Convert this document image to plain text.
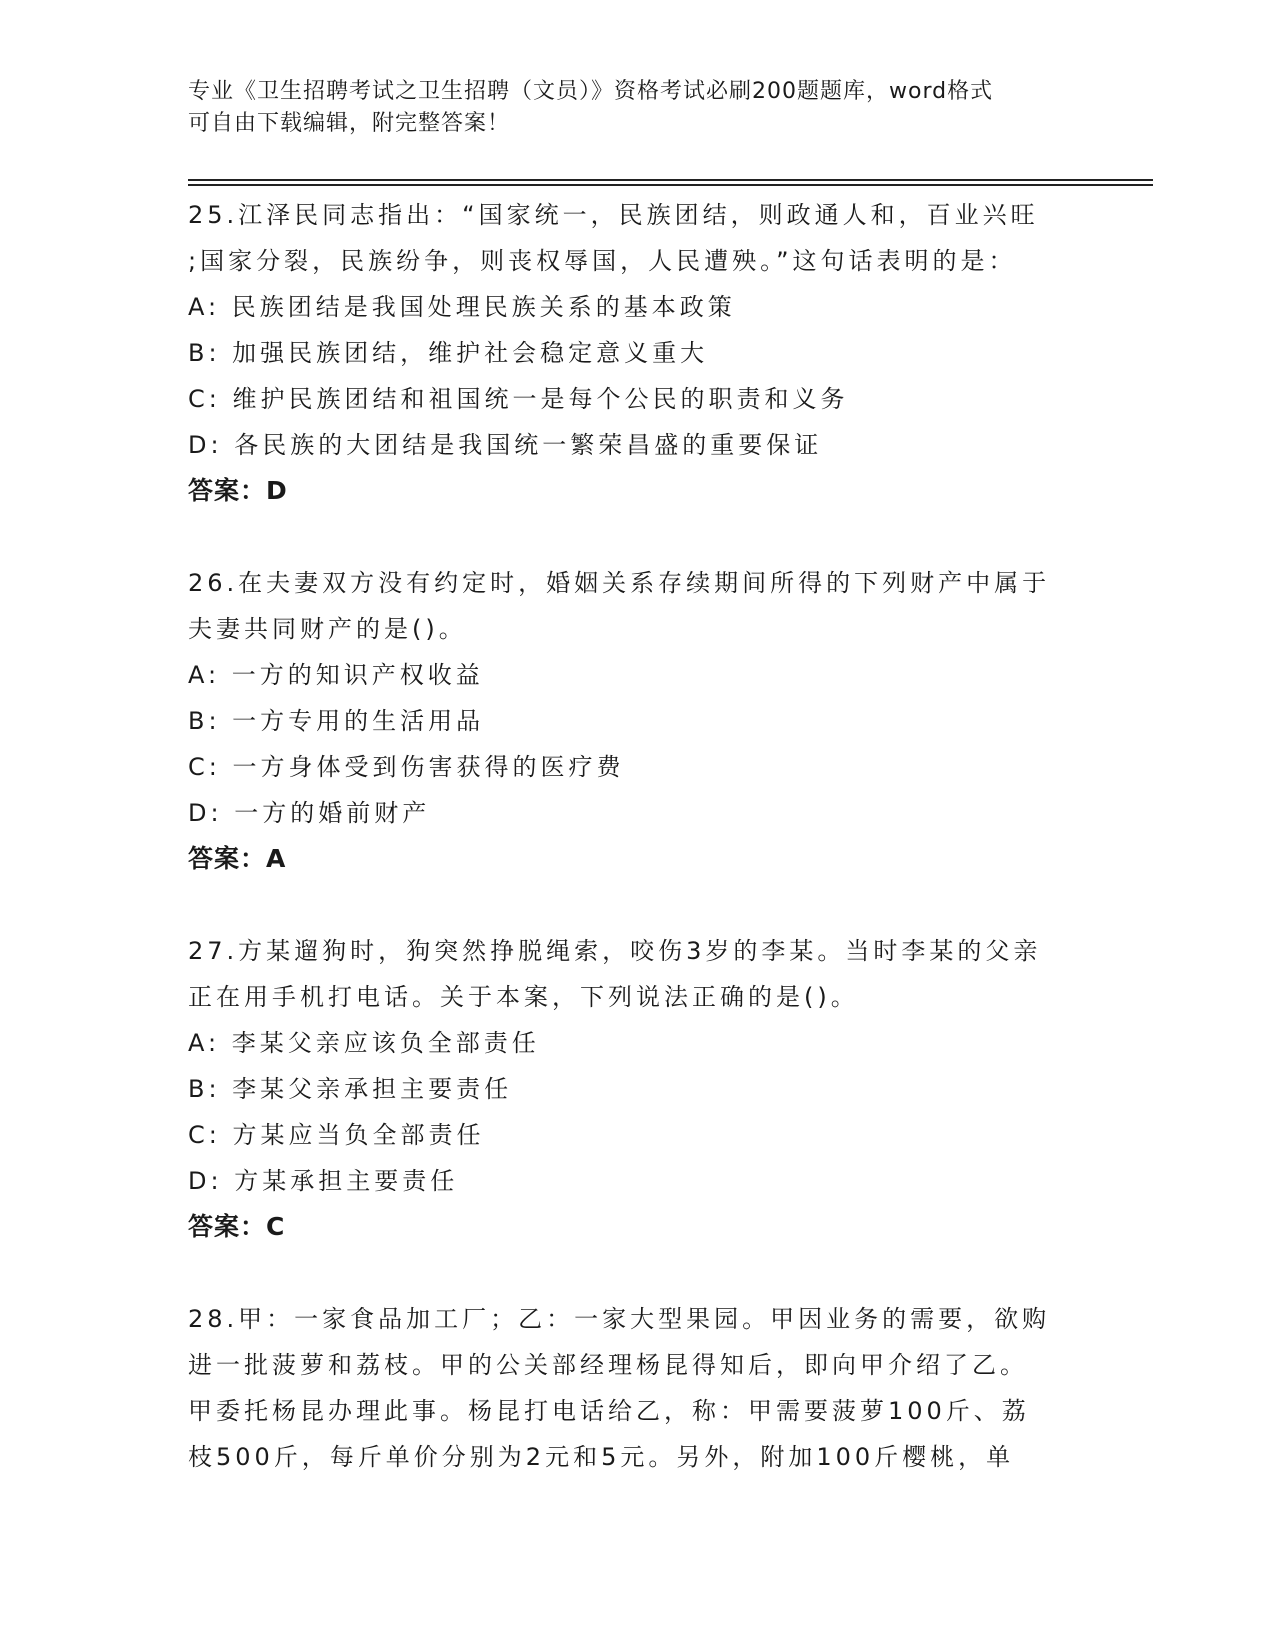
专业《卫生招聘考试之卫生招聘（文员）》资格考试必刷200题题库，word格式
可自由下载编辑，附完整答案！
25.江泽民同志指出：“国家统一，民族团结，则政通人和，百业兴旺
;国家分裂，民族纷争，则丧权辱国，人民遭殃。”这句话表明的是：
A: 民族团结是我国处理民族关系的基本政策
B: 加强民族团结，维护社会稳定意义重大
C: 维护民族团结和祖国统一是每个公民的职责和义务
D: 各民族的大团结是我国统一繁荣昌盛的重要保证
答案：D
26.在夫妻双方没有约定时，婚姻关系存续期间所得的下列财产中属于
夫妻共同财产的是()。
A: 一方的知识产权收益
B: 一方专用的生活用品
C: 一方身体受到伤害获得的医疗费
D: 一方的婚前财产
答案：A
27.方某遛狗时，狗突然挣脱绳索，咬伤3岁的李某。当时李某的父亲
正在用手机打电话。关于本案，下列说法正确的是()。
A: 李某父亲应该负全部责任
B: 李某父亲承担主要责任
C: 方某应当负全部责任
D: 方某承担主要责任
答案：C
28.甲：一家食品加工厂；乙：一家大型果园。甲因业务的需要，欲购
进一批菠萝和荔枝。甲的公关部经理杨昆得知后，即向甲介绍了乙。
甲委托杨昆办理此事。杨昆打电话给乙，称：甲需要菠萝100斤、荔
枝500斤，每斤单价分别为2元和5元。另外，附加100斤樱桃，单
